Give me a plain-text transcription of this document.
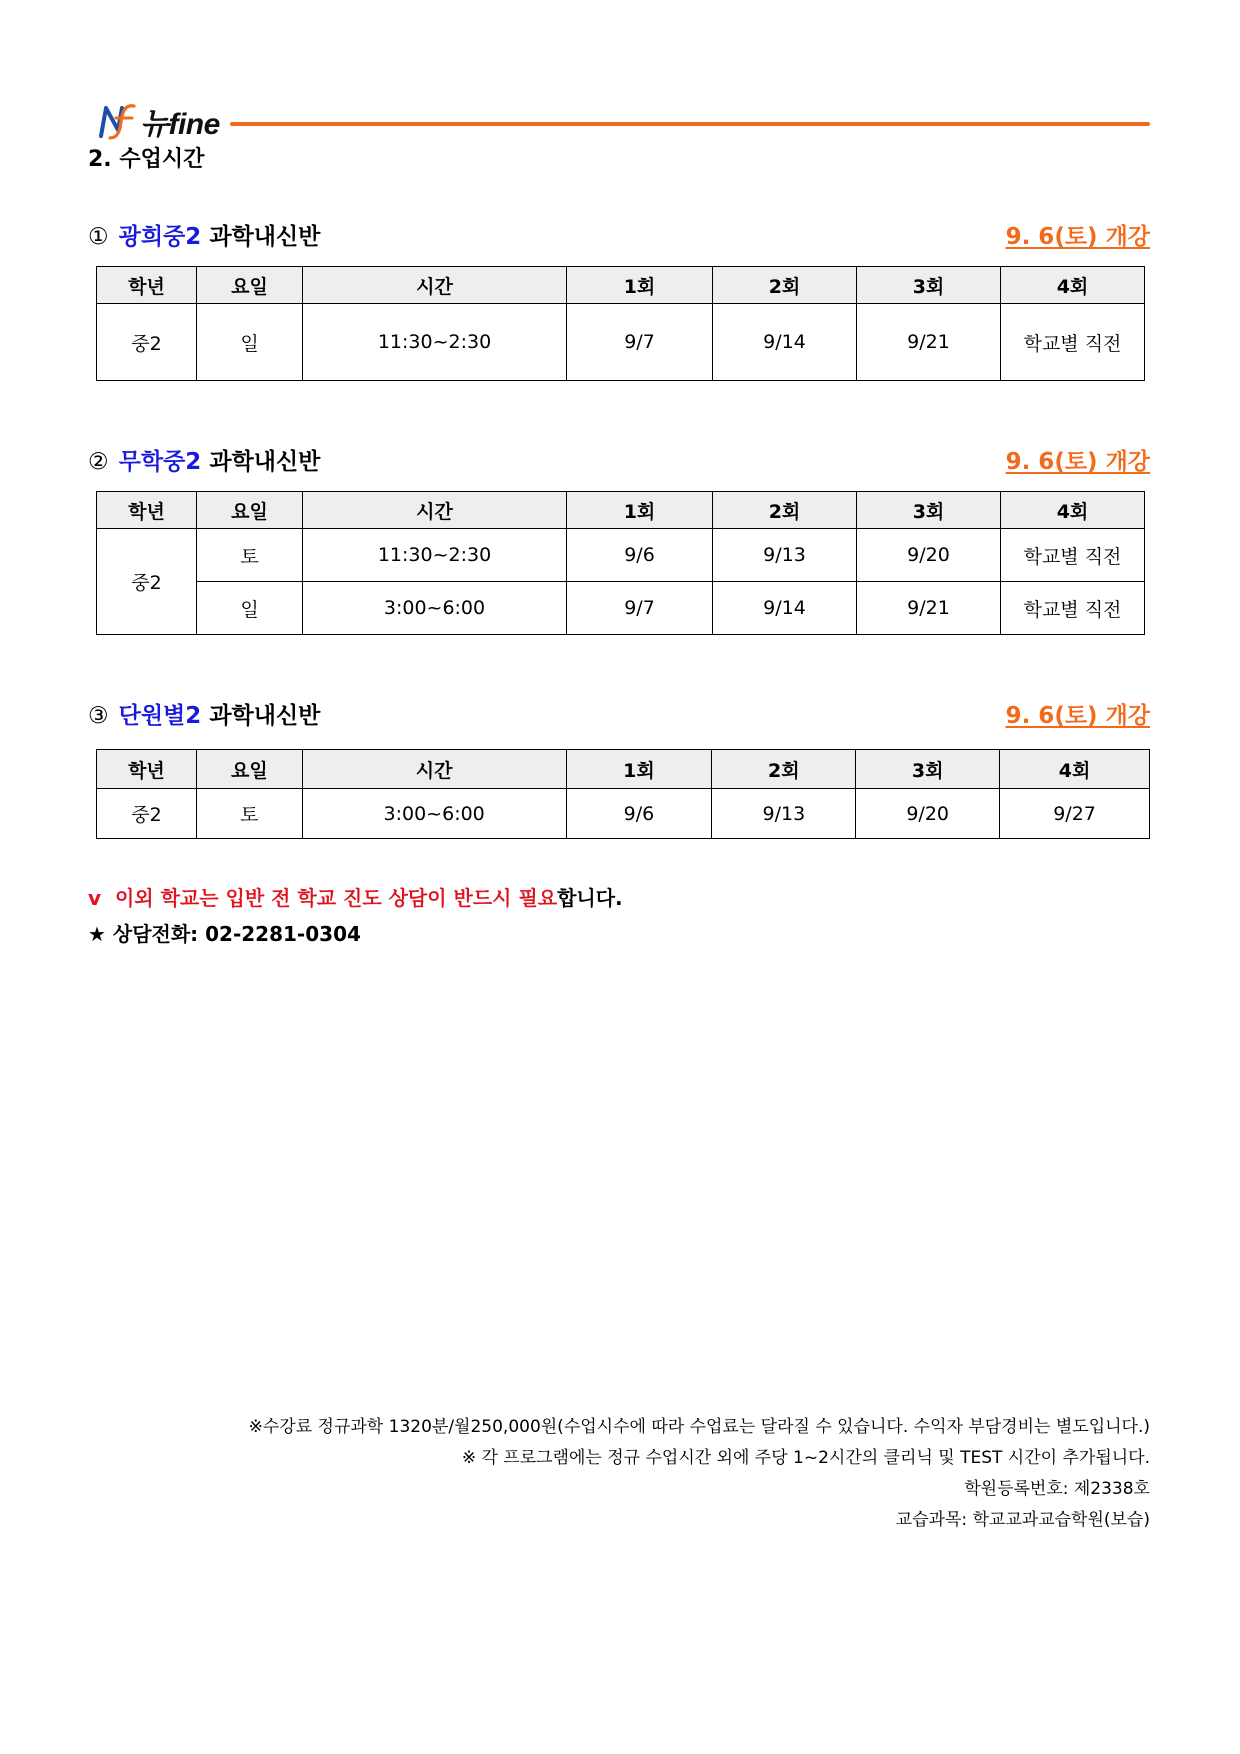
뉴fine
2. 수업시간
① 광희중2 과학내신반	9. 6(토) 개강
학년	요일	시간	1회	2회	3회	4회
중2	일	11:30~2:30	9/7	9/14	9/21	학교별 직전
② 무학중2 과학내신반	9. 6(토) 개강
학년	요일	시간	1회	2회	3회	4회
중2	토	11:30~2:30	9/6	9/13	9/20	학교별 직전
	일	3:00~6:00	9/7	9/14	9/21	학교별 직전
③ 단원별2 과학내신반	9. 6(토) 개강
학년	요일	시간	1회	2회	3회	4회
중2	토	3:00~6:00	9/6	9/13	9/20	9/27
v 이외 학교는 입반 전 학교 진도 상담이 반드시 필요합니다.
★ 상담전화: 02-2281-0304
※수강료 정규과학 1320분/월250,000원(수업시수에 따라 수업료는 달라질 수 있습니다. 수익자 부담경비는 별도입니다.)
※ 각 프로그램에는 정규 수업시간 외에 주당 1~2시간의 클리닉 및 TEST 시간이 추가됩니다.
학원등록번호: 제2338호
교습과목: 학교교과교습학원(보습)
